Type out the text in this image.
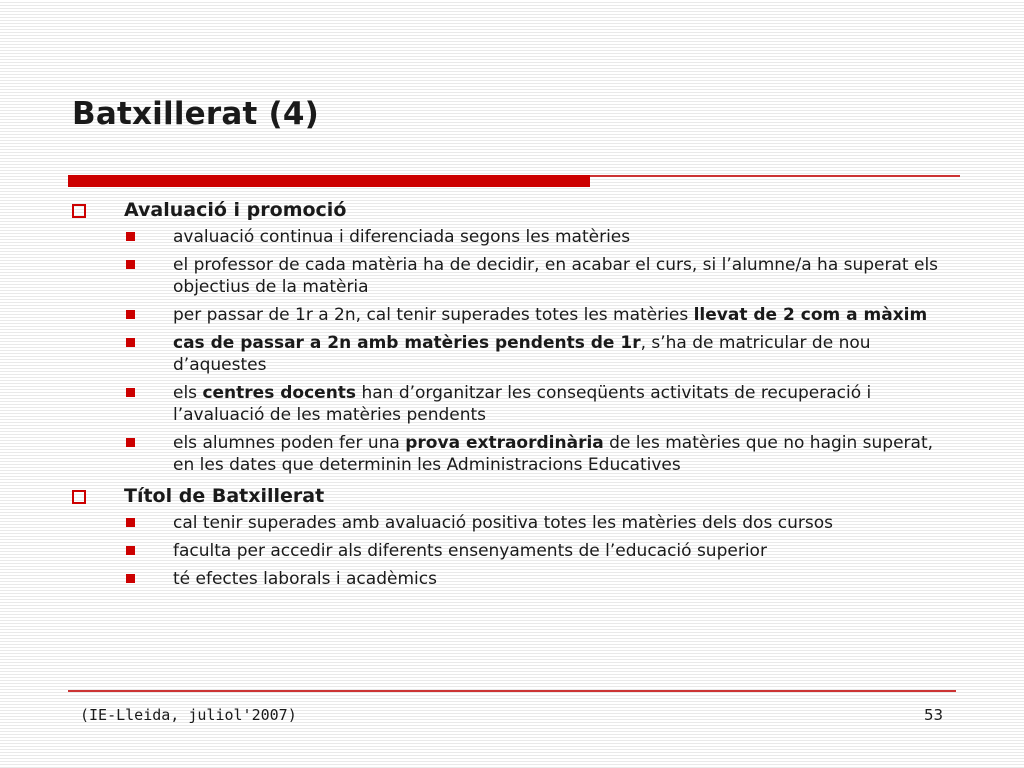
Batxillerat (4)
Avaluació i promoció
avaluació continua i diferenciada segons les matèries
el professor de cada matèria ha de decidir, en acabar el curs, si l’alumne/a ha superat els objectius de la matèria
per passar de 1r a 2n, cal tenir superades totes les matèries llevat de 2 com a màxim
cas de passar a 2n amb matèries pendents de 1r, s’ha de matricular de nou d’aquestes
els centres docents han d’organitzar les conseqüents activitats de recuperació i l’avaluació de les matèries pendents
els alumnes poden fer una prova extraordinària de les matèries que no hagin superat, en les dates que determinin les Administracions Educatives
Títol de Batxillerat
cal tenir superades amb avaluació positiva totes les matèries dels dos cursos
faculta per accedir als diferents ensenyaments de l’educació superior
té efectes laborals i acadèmics
(IE-Lleida, juliol'2007)	53
